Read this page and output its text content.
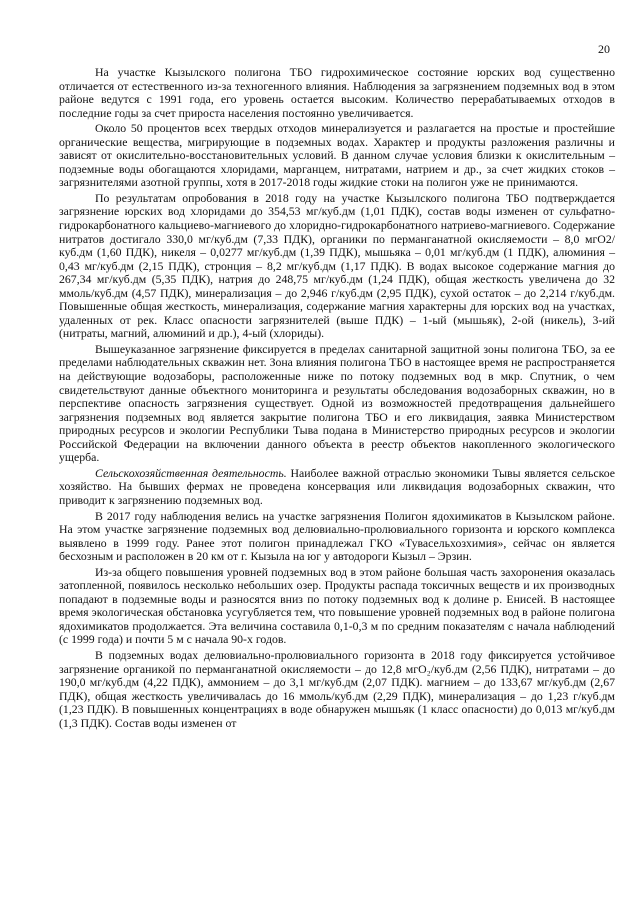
20

На участке Кызылского полигона ТБО гидрохимическое состояние юрских вод существенно отличается от естественного из-за техногенного влияния. Наблюдения за загрязнением подземных вод в этом районе ведутся с 1991 года, его уровень остается высоким. Количество перерабатываемых отходов в последние годы за счет прироста населения постоянно увеличивается.

Около 50 процентов всех твердых отходов минерализуется и разлагается на простые и простейшие органические вещества, мигрирующие в подземных водах. Характер и продукты разложения различны и зависят от окислительно-восстановительных условий. В данном случае условия близки к окислительным – подземные воды обогащаются хлоридами, марганцем, нитратами, натрием и др., за счет жидких стоков – загрязнителями азотной группы, хотя в 2017-2018 годы жидкие стоки на полигон уже не принимаются.

По результатам опробования в 2018 году на участке Кызылского полигона ТБО подтверждается загрязнение юрских вод хлоридами до 354,53 мг/куб.дм (1,01 ПДК), состав воды изменен от сульфатно-гидрокарбонатного кальциево-магниевого до хлоридно-гидрокарбонатного натриево-магниевого. Содержание нитратов достигало 330,0 мг/куб.дм (7,33 ПДК), органики по перманганатной окисляемости – 8,0 мгО2/куб.дм (1,60 ПДК), никеля – 0,0277 мг/куб.дм (1,39 ПДК), мышьяка – 0,01 мг/куб.дм (1 ПДК), алюминия – 0,43 мг/куб.дм (2,15 ПДК), стронция – 8,2 мг/куб.дм (1,17 ПДК). В водах высокое содержание магния до 267,34 мг/куб.дм (5,35 ПДК), натрия до 248,75 мг/куб.дм (1,24 ПДК), общая жесткость увеличена до 32 ммоль/куб.дм (4,57 ПДК), минерализация – до 2,946 г/куб.дм (2,95 ПДК), сухой остаток – до 2,214 г/куб.дм. Повышенные общая жесткость, минерализация, содержание магния характерны для юрских вод на участках, удаленных от рек. Класс опасности загрязнителей (выше ПДК) – 1-ый (мышьяк), 2-ой (никель), 3-ий (нитраты, магний, алюминий и др.), 4-ый (хлориды).

Вышеуказанное загрязнение фиксируется в пределах санитарной защитной зоны полигона ТБО, за ее пределами наблюдательных скважин нет. Зона влияния полигона ТБО в настоящее время не распространяется на действующие водозаборы, расположенные ниже по потоку подземных вод в мкр. Спутник, о чем свидетельствуют данные объектного мониторинга и результаты обследования водозаборных скважин, но в перспективе опасность загрязнения существует. Одной из возможностей предотвращения дальнейшего загрязнения подземных вод является закрытие полигона ТБО и его ликвидация, заявка Министерством природных ресурсов и экологии Республики Тыва подана в Министерство природных ресурсов и экологии Российской Федерации на включении данного объекта в реестр объектов накопленного экологического ущерба.

Сельскохозяйственная деятельность. Наиболее важной отраслью экономики Тывы является сельское хозяйство. На бывших фермах не проведена консервация или ликвидация водозаборных скважин, что приводит к загрязнению подземных вод.

В 2017 году наблюдения велись на участке загрязнения Полигон ядохимикатов в Кызылском районе. На этом участке загрязнение подземных вод делювиально-пролювиального горизонта и юрского комплекса выявлено в 1999 году. Ранее этот полигон принадлежал ГКО «Тувасельхозхимия», сейчас он является бесхозным и расположен в 20 км от г. Кызыла на юг у автодороги Кызыл – Эрзин.

Из-за общего повышения уровней подземных вод в этом районе большая часть захоронения оказалась затопленной, появилось несколько небольших озер. Продукты распада токсичных веществ и их производных попадают в подземные воды и разносятся вниз по потоку подземных вод к долине р. Енисей. В настоящее время экологическая обстановка усугубляется тем, что повышение уровней подземных вод в районе полигона ядохимикатов продолжается. Эта величина составила 0,1-0,3 м по средним показателям с начала наблюдений (с 1999 года) и почти 5 м с начала 90-х годов.

В подземных водах делювиально-пролювиального горизонта в 2018 году фиксируется устойчивое загрязнение органикой по перманганатной окисляемости – до 12,8 мгО₂/куб.дм (2,56 ПДК), нитратами – до 190,0 мг/куб.дм (4,22 ПДК), аммонием – до 3,1 мг/куб.дм (2,07 ПДК). магнием – до 133,67 мг/куб.дм (2,67 ПДК), общая жесткость увеличивалась до 16 ммоль/куб.дм (2,29 ПДК), минерализация – до 1,23 г/куб.дм (1,23 ПДК). В повышенных концентрациях в воде обнаружен мышьяк (1 класс опасности) до 0,013 мг/куб.дм (1,3 ПДК). Состав воды изменен от
